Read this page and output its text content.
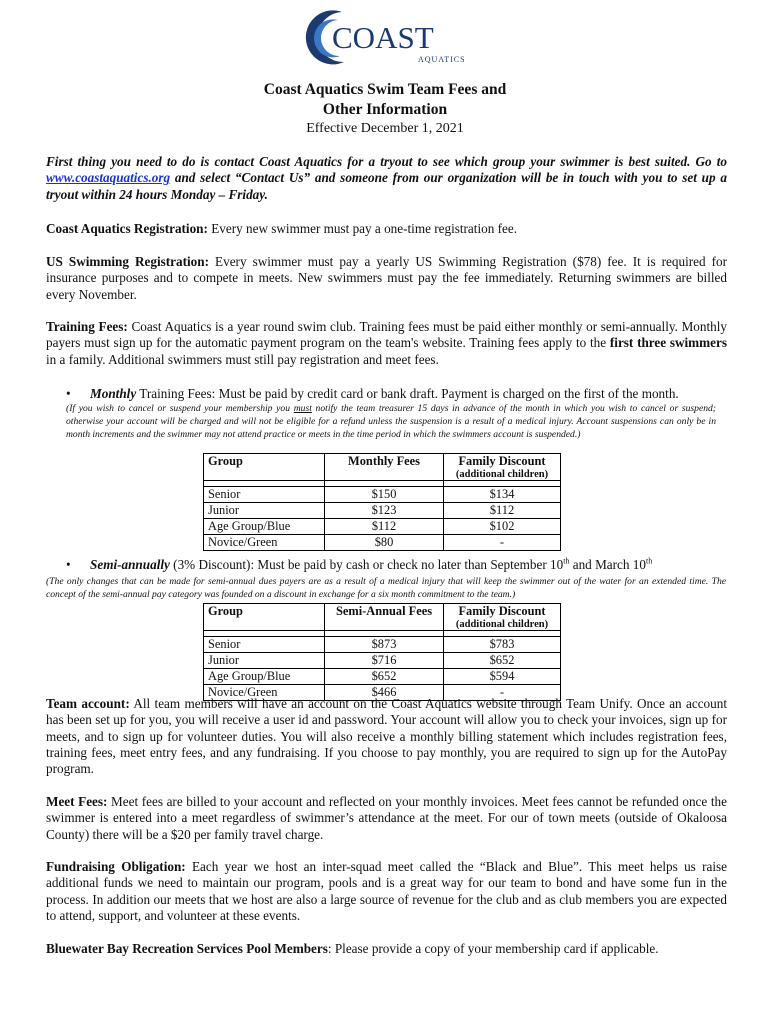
COAST
AQUATICS
Coast Aquatics Swim Team Fees and
Other Information
Effective December 1, 2021
First thing you need to do is contact Coast Aquatics for a tryout to see which group your swimmer is best suited. Go to www.coastaquatics.org and select “Contact Us” and someone from our organization will be in touch with you to set up a tryout within 24 hours Monday – Friday.
Coast Aquatics Registration: Every new swimmer must pay a one-time registration fee.
US Swimming Registration: Every swimmer must pay a yearly US Swimming Registration ($78) fee. It is required for insurance purposes and to compete in meets. New swimmers must pay the fee immediately. Returning swimmers are billed every November.
Training Fees: Coast Aquatics is a year round swim club. Training fees must be paid either monthly or semi-annually. Monthly payers must sign up for the automatic payment program on the team's website. Training fees apply to the first three swimmers in a family. Additional swimmers must still pay registration and meet fees.
• Monthly Training Fees: Must be paid by credit card or bank draft. Payment is charged on the first of the month.
(If you wish to cancel or suspend your membership you must notify the team treasurer 15 days in advance of the month in which you wish to cancel or suspend; otherwise your account will be charged and will not be eligible for a refund unless the suspension is a result of a medical injury. Account suspensions can only be in month increments and the swimmer may not attend practice or meets in the time period in which the swimmers account is suspended.)
Group	Monthly Fees	Family Discount
(additional children)

Senior	$150	$134
Junior	$123	$112
Age Group/Blue	$112	$102
Novice/Green	$80	-
• Semi-annually (3% Discount): Must be paid by cash or check no later than September 10th and March 10th
(The only changes that can be made for semi-annual dues payers are as a result of a medical injury that will keep the swimmer out of the water for an extended time. The concept of the semi-annual pay category was founded on a discount in exchange for a six month commitment to the team.)
Group	Semi-Annual Fees	Family Discount
(additional children)

Senior	$873	$783
Junior	$716	$652
Age Group/Blue	$652	$594
Novice/Green	$466	-
Team account: All team members will have an account on the Coast Aquatics website through Team Unify. Once an account has been set up for you, you will receive a user id and password. Your account will allow you to check your invoices, sign up for meets, and to sign up for volunteer duties. You will also receive a monthly billing statement which includes registration fees, training fees, meet entry fees, and any fundraising. If you choose to pay monthly, you are required to sign up for the AutoPay program.
Meet Fees: Meet fees are billed to your account and reflected on your monthly invoices. Meet fees cannot be refunded once the swimmer is entered into a meet regardless of swimmer’s attendance at the meet. For our of town meets (outside of Okaloosa County) there will be a $20 per family travel charge.
Fundraising Obligation: Each year we host an inter-squad meet called the “Black and Blue”. This meet helps us raise additional funds we need to maintain our program, pools and is a great way for our team to bond and have some fun in the process. In addition our meets that we host are also a large source of revenue for the club and as club members you are expected to attend, support, and volunteer at these events.
Bluewater Bay Recreation Services Pool Members: Please provide a copy of your membership card if applicable.
